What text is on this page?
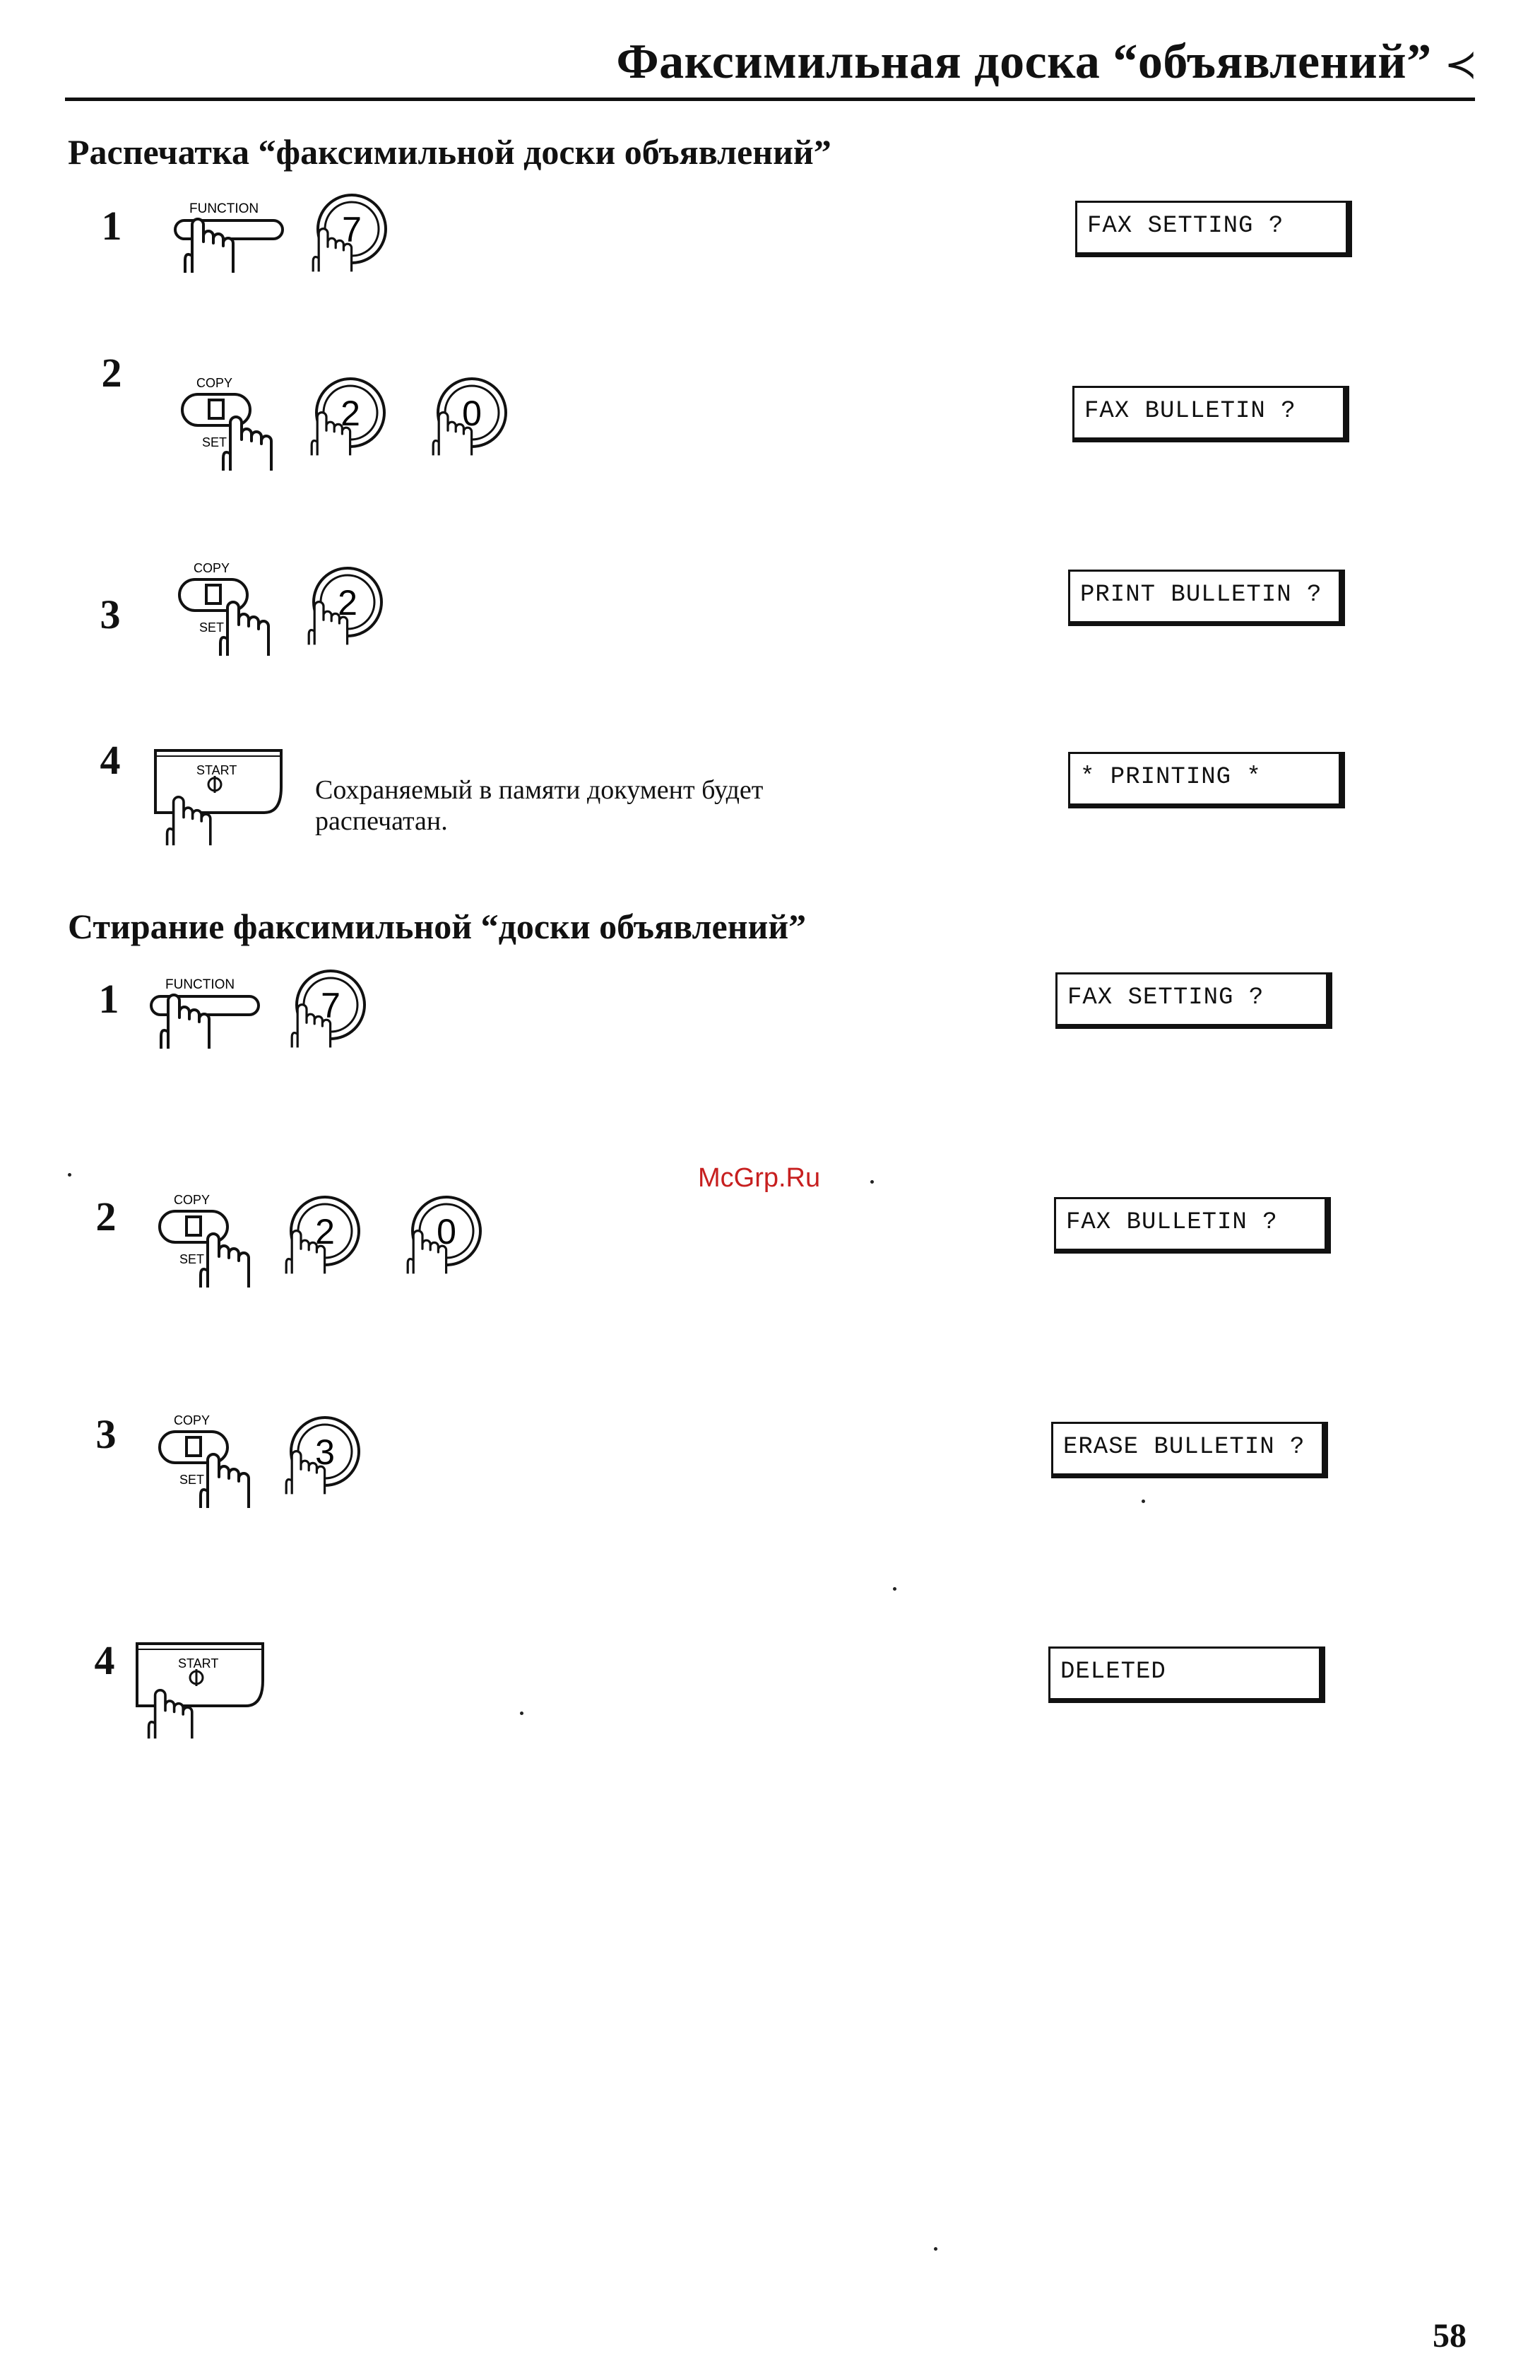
Факсимильная доска “объявлений” ≺
Распечатка “факсимильной доски объявлений”
1	FUNCTION
7	FAX SETTING ?
2	COPY
SET
2	0	FAX BULLETIN ?
3
COPY
SET
2	PRINT BULLETIN ?
4	START
Сохраняемый в памяти документ будет распечатан.
* PRINTING *
Стирание факсимильной “доски объявлений”
1	FUNCTION
7	FAX SETTING ?
2	COPY
SET
2	0	FAX BULLETIN ?
3	COPY
SET
3	ERASE BULLETIN ?
4	START	DELETED
McGrp.Ru
58
